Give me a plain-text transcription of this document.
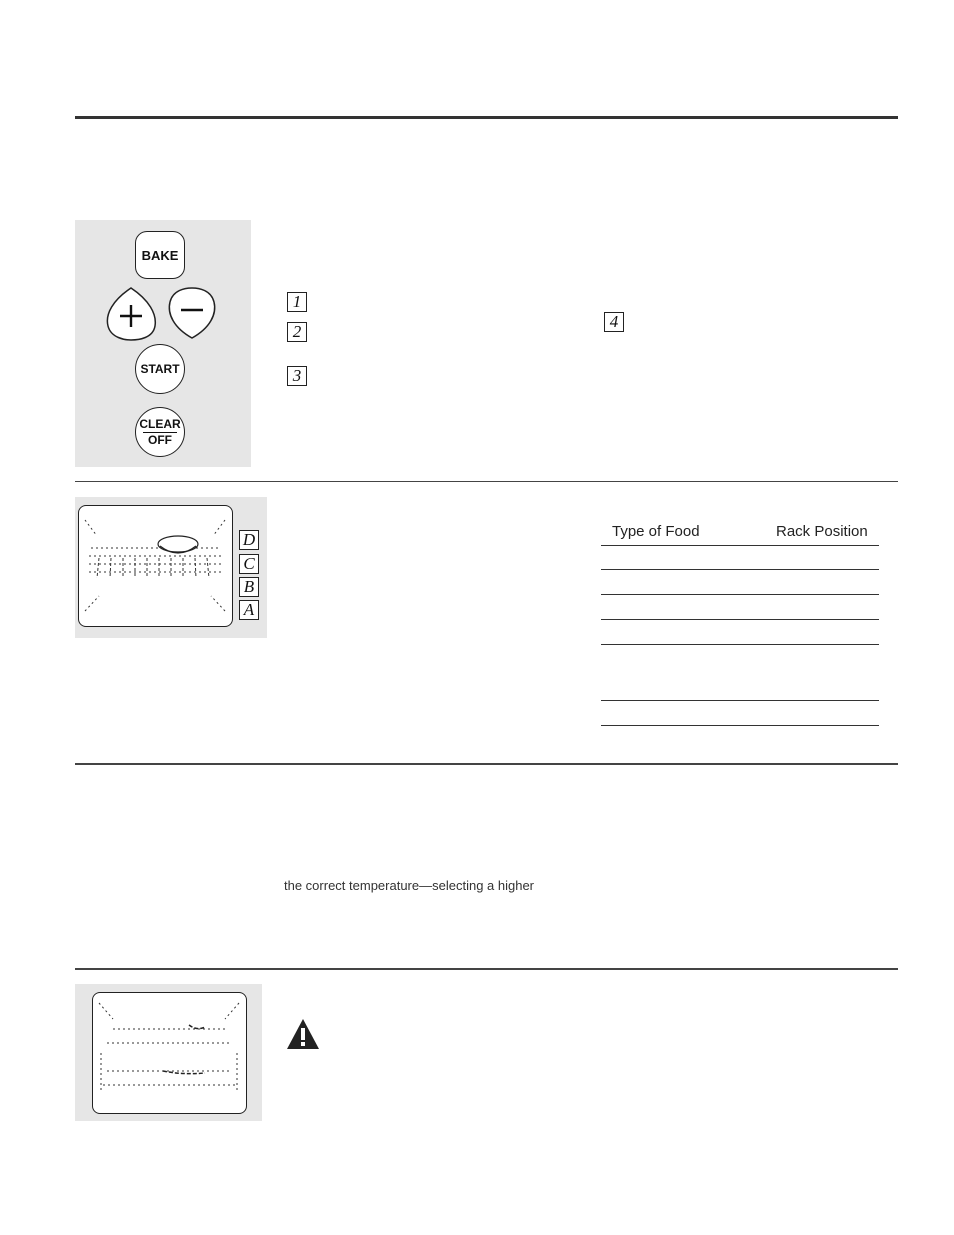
BAKE
START
CLEAR
OFF
1
2
3
4
D
C
B
A
Type of Food	Rack Position
the correct temperature—selecting a higher
